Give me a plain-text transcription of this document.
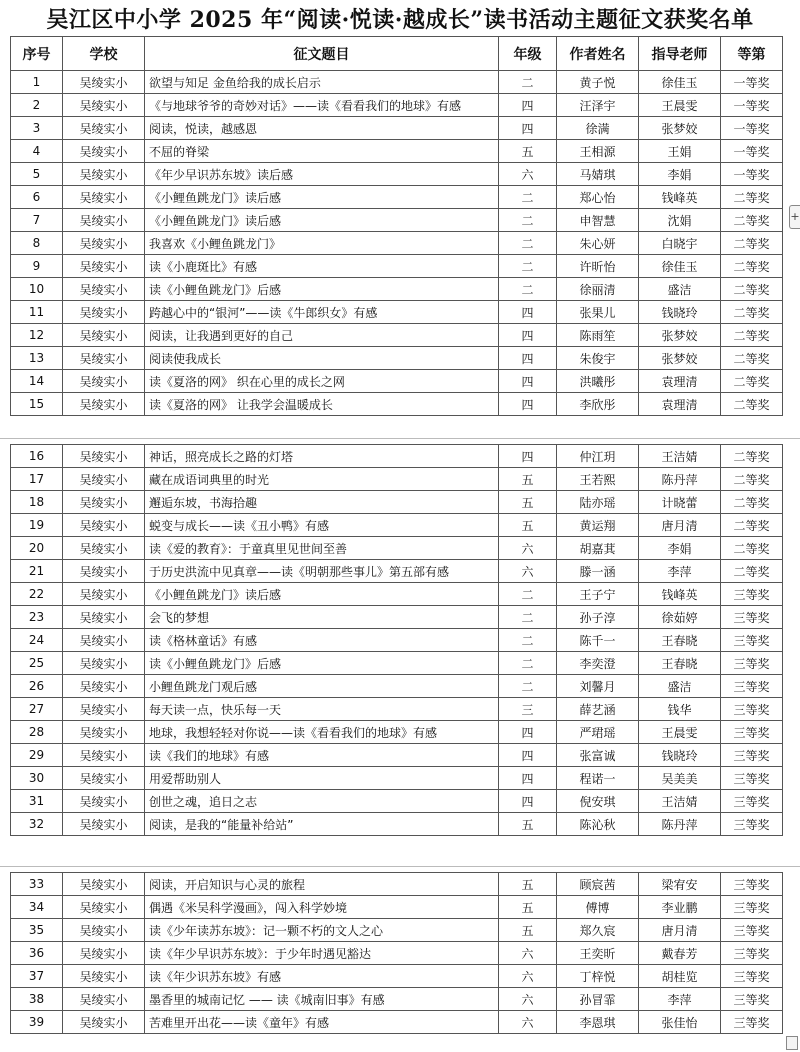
吴江区中小学 2025 年“阅读·悦读·越成长”读书活动主题征文获奖名单
序号	学校	征文题目	年级	作者姓名	指导老师	等第
1	吴绫实小	欲望与知足 金鱼给我的成长启示	二	黄子悦	徐佳玉	一等奖
2	吴绫实小	《与地球爷爷的奇妙对话》——读《看看我们的地球》有感	四	汪泽宇	王晨雯	一等奖
3	吴绫实小	阅读，悦读，越感恩	四	徐满	张梦姣	一等奖
4	吴绫实小	不屈的脊梁	五	王相源	王娟	一等奖
5	吴绫实小	《年少早识苏东坡》读后感	六	马婧琪	李娟	一等奖
6	吴绫实小	《小鲤鱼跳龙门》读后感	二	郑心怡	钱峰英	二等奖
7	吴绫实小	《小鲤鱼跳龙门》读后感	二	申智慧	沈娟	二等奖
8	吴绫实小	我喜欢《小鲤鱼跳龙门》	二	朱心妍	白晓宇	二等奖
9	吴绫实小	读《小鹿斑比》有感	二	许昕怡	徐佳玉	二等奖
10	吴绫实小	读《小鲤鱼跳龙门》后感	二	徐丽清	盛洁	二等奖
11	吴绫实小	跨越心中的“银河”——读《牛郎织女》有感	四	张果儿	钱晓玲	二等奖
12	吴绫实小	阅读，让我遇到更好的自己	四	陈雨笙	张梦姣	二等奖
13	吴绫实小	阅读使我成长	四	朱俊宇	张梦姣	二等奖
14	吴绫实小	读《夏洛的网》 织在心里的成长之网	四	洪曦彤	袁理清	二等奖
15	吴绫实小	读《夏洛的网》 让我学会温暖成长	四	李欣彤	袁理清	二等奖
16	吴绫实小	神话，照亮成长之路的灯塔	四	仲江玥	王洁婧	二等奖
17	吴绫实小	藏在成语词典里的时光	五	王若熙	陈丹萍	二等奖
18	吴绫实小	邂逅东坡，书海拾趣	五	陆亦瑶	计晓蕾	二等奖
19	吴绫实小	蜕变与成长——读《丑小鸭》有感	五	黄运翔	唐月清	二等奖
20	吴绫实小	读《爱的教育》：于童真里见世间至善	六	胡嘉萁	李娟	二等奖
21	吴绫实小	于历史洪流中见真章——读《明朝那些事儿》第五部有感	六	滕一涵	李萍	二等奖
22	吴绫实小	《小鲤鱼跳龙门》读后感	二	王子宁	钱峰英	三等奖
23	吴绫实小	会飞的梦想	二	孙子淳	徐茹婷	三等奖
24	吴绫实小	读《格林童话》有感	二	陈千一	王春晓	三等奖
25	吴绫实小	读《小鲤鱼跳龙门》后感	二	李奕澄	王春晓	三等奖
26	吴绫实小	小鲤鱼跳龙门观后感	二	刘馨月	盛洁	三等奖
27	吴绫实小	每天读一点，快乐每一天	三	薛艺涵	钱华	三等奖
28	吴绫实小	地球，我想轻轻对你说——读《看看我们的地球》有感	四	严珺瑶	王晨雯	三等奖
29	吴绫实小	读《我们的地球》有感	四	张富诚	钱晓玲	三等奖
30	吴绫实小	用爱帮助别人	四	程诺一	吴美美	三等奖
31	吴绫实小	创世之魂，追日之志	四	倪安琪	王洁婧	三等奖
32	吴绫实小	阅读，是我的“能量补给站”	五	陈沁秋	陈丹萍	三等奖
33	吴绫实小	阅读，开启知识与心灵的旅程	五	顾宸茜	梁宥安	三等奖
34	吴绫实小	偶遇《米吴科学漫画》，闯入科学妙境	五	傅博	李业鹏	三等奖
35	吴绫实小	读《少年读苏东坡》：记一颗不朽的文人之心	五	郑久宸	唐月清	三等奖
36	吴绫实小	读《年少早识苏东坡》：于少年时遇见豁达	六	王奕昕	戴春芳	三等奖
37	吴绫实小	读《年少识苏东坡》有感	六	丁梓悦	胡桂览	三等奖
38	吴绫实小	墨香里的城南记忆 —— 读《城南旧事》有感	六	孙冒霏	李萍	三等奖
39	吴绫实小	苦难里开出花——读《童年》有感	六	李恩琪	张佳怡	三等奖
+
